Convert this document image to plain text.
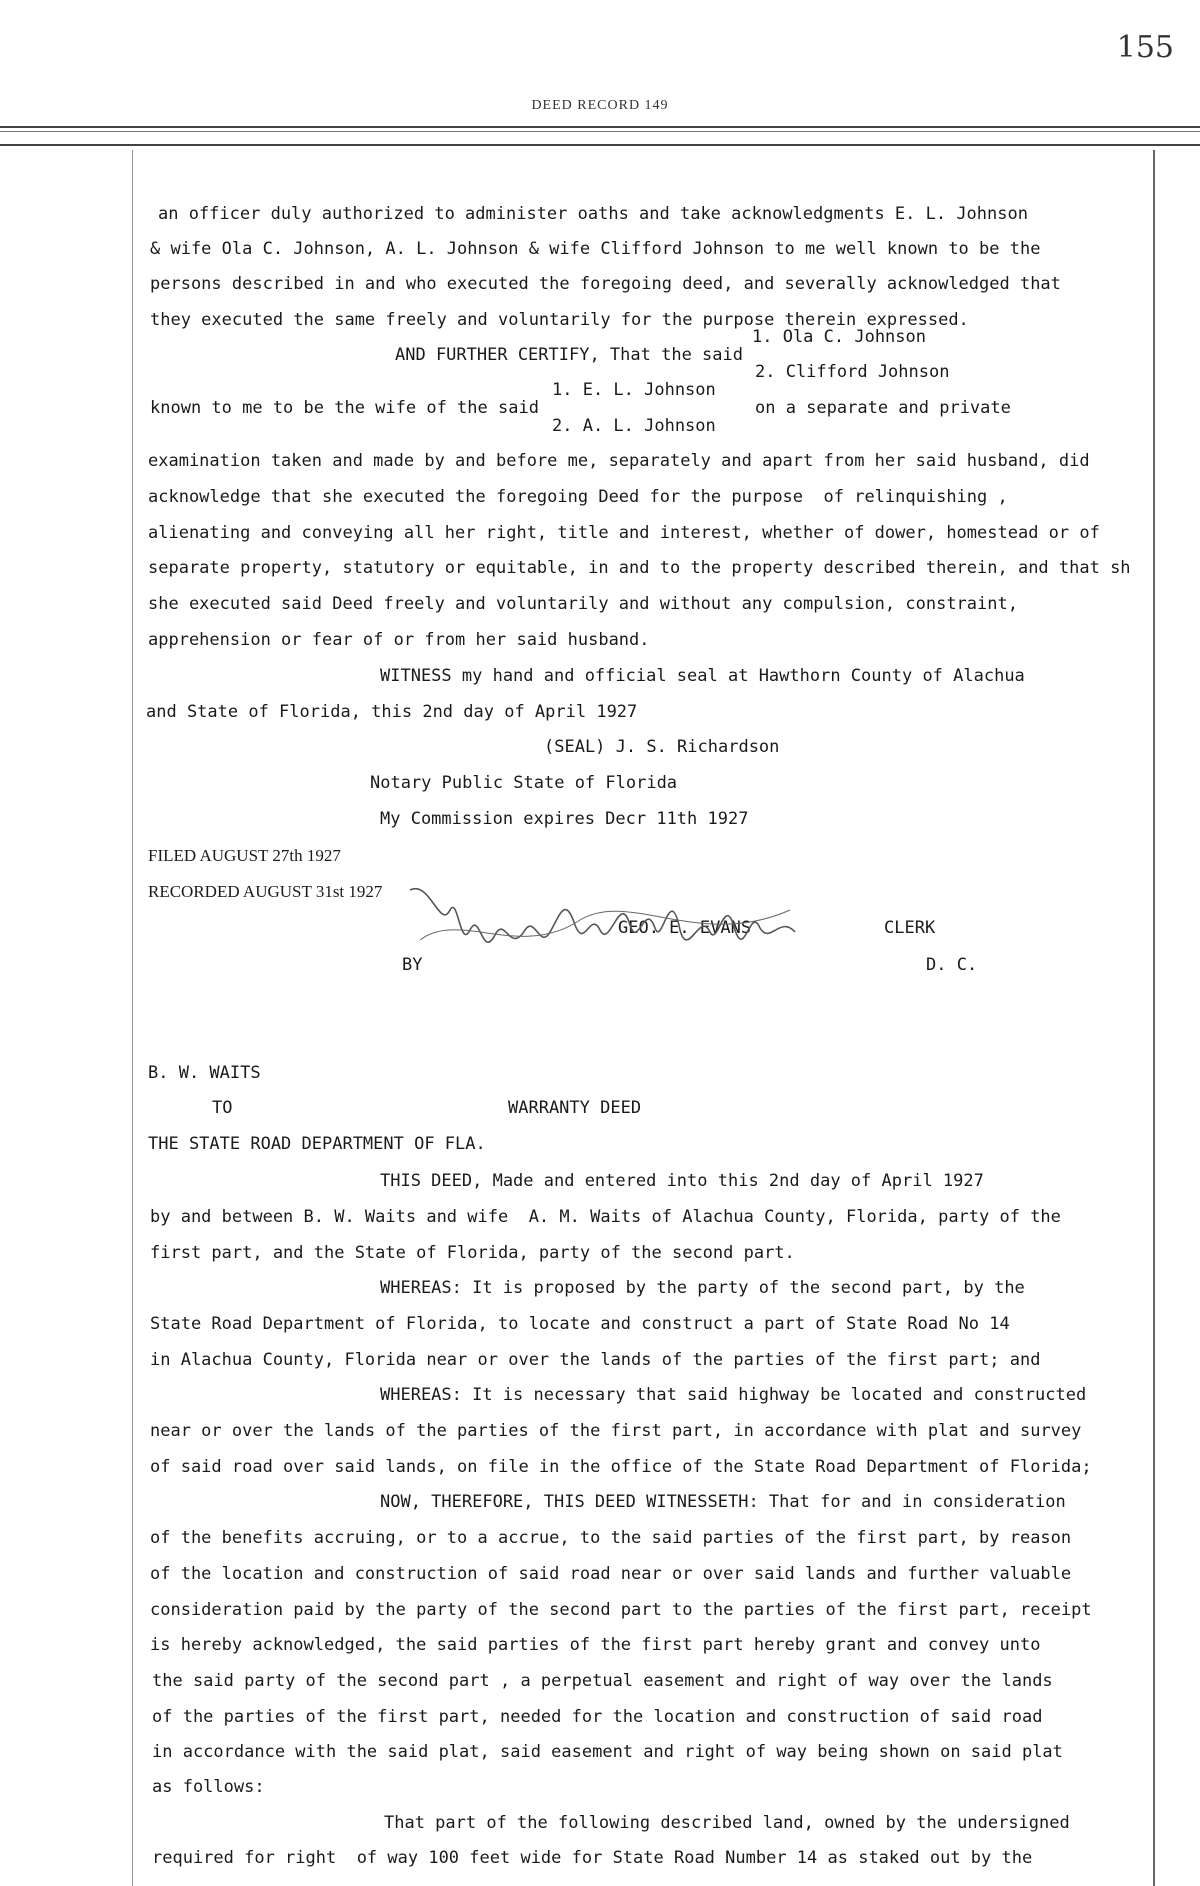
155
DEED RECORD 149
an officer duly authorized to administer oaths and take acknowledgments E. L. Johnson
& wife Ola C. Johnson, A. L. Johnson & wife Clifford Johnson to me well known to be the
persons described in and who executed the foregoing deed, and severally acknowledged that
they executed the same freely and voluntarily for the purpose therein expressed.
1. Ola C. Johnson
AND FURTHER CERTIFY, That the said
2. Clifford Johnson
1. E. L. Johnson
known to me to be the wife of the said	on a separate and private
2. A. L. Johnson
examination taken and made by and before me, separately and apart from her said husband, did
acknowledge that she executed the foregoing Deed for the purpose  of relinquishing ,
alienating and conveying all her right, title and interest, whether of dower, homestead or of
separate property, statutory or equitable, in and to the property described therein, and that sh
she executed said Deed freely and voluntarily and without any compulsion, constraint,
apprehension or fear of or from her said husband.
WITNESS my hand and official seal at Hawthorn County of Alachua
and State of Florida, this 2nd day of April 1927
(SEAL) J. S. Richardson
Notary Public State of Florida
My Commission expires Decr 11th 1927
FILED AUGUST 27th 1927
RECORDED AUGUST 31st 1927
GEO. E. EVANS	CLERK
BY	D. C.
B. W. WAITS
TO	WARRANTY DEED
THE STATE ROAD DEPARTMENT OF FLA.
THIS DEED, Made and entered into this 2nd day of April 1927
by and between B. W. Waits and wife  A. M. Waits of Alachua County, Florida, party of the
first part, and the State of Florida, party of the second part.
WHEREAS: It is proposed by the party of the second part, by the
State Road Department of Florida, to locate and construct a part of State Road No 14
in Alachua County, Florida near or over the lands of the parties of the first part; and
WHEREAS: It is necessary that said highway be located and constructed
near or over the lands of the parties of the first part, in accordance with plat and survey
of said road over said lands, on file in the office of the State Road Department of Florida;
NOW, THEREFORE, THIS DEED WITNESSETH: That for and in consideration
of the benefits accruing, or to a accrue, to the said parties of the first part, by reason
of the location and construction of said road near or over said lands and further valuable
consideration paid by the party of the second part to the parties of the first part, receipt
is hereby acknowledged, the said parties of the first part hereby grant and convey unto
the said party of the second part , a perpetual easement and right of way over the lands
of the parties of the first part, needed for the location and construction of said road
in accordance with the said plat, said easement and right of way being shown on said plat
as follows:
That part of the following described land, owned by the undersigned
required for right  of way 100 feet wide for State Road Number 14 as staked out by the
